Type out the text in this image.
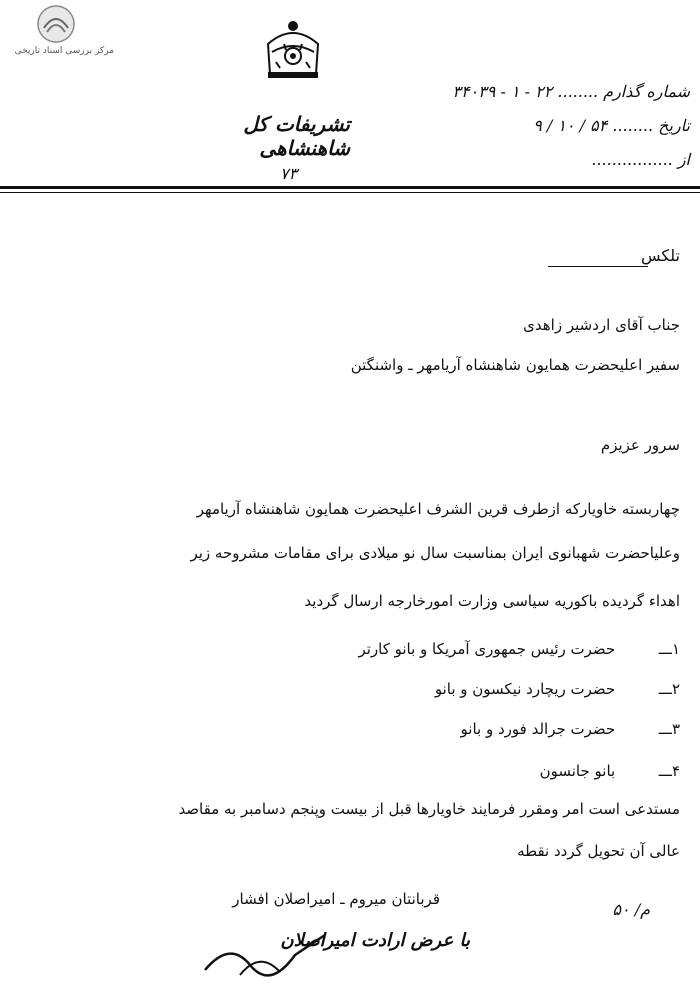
مرکز بررسی اسناد تاریخی
تشریفات کل شاهنشاهی
شماره گذارم ........ ۲۲ - ۱ - ۳۴۰۳۹
تاریخ ........ ۵۴ / ۱۰ / ۹
از ................
۷۳
تلکس
جناب آقای اردشیر زاهدی
سفیر اعلیحضرت همایون شاهنشاه آریامهر ـ واشنگتن
سرور عزیزم
چهاربسته خاویارکه ازطرف قرین الشرف اعلیحضرت همایون شاهنشاه آریامهر
وعلیاحضرت شهبانوی ایران بمناسبت سال نو میلادی برای مقامات مشروحه زیر
اهداء گردیده باکوریه سیاسی وزارت امورخارجه ارسال گردید
۱ـــ حضرت رئیس جمهوری آمریکا و بانو کارتر
۲ـــ حضرت ریچارد نیکسون و بانو
۳ـــ حضرت جرالد فورد و بانو
۴ـــ بانو جانسون
مستدعی است امر ومقرر فرمایند خاویارها قبل از بیست وپنجم دسامبر به مقاصد
عالی آن تحویل گردد نقطه
قربانتان میروم ـ امیراصلان افشار
م/ ۵۰
با عرض ارادت امیراصلان
